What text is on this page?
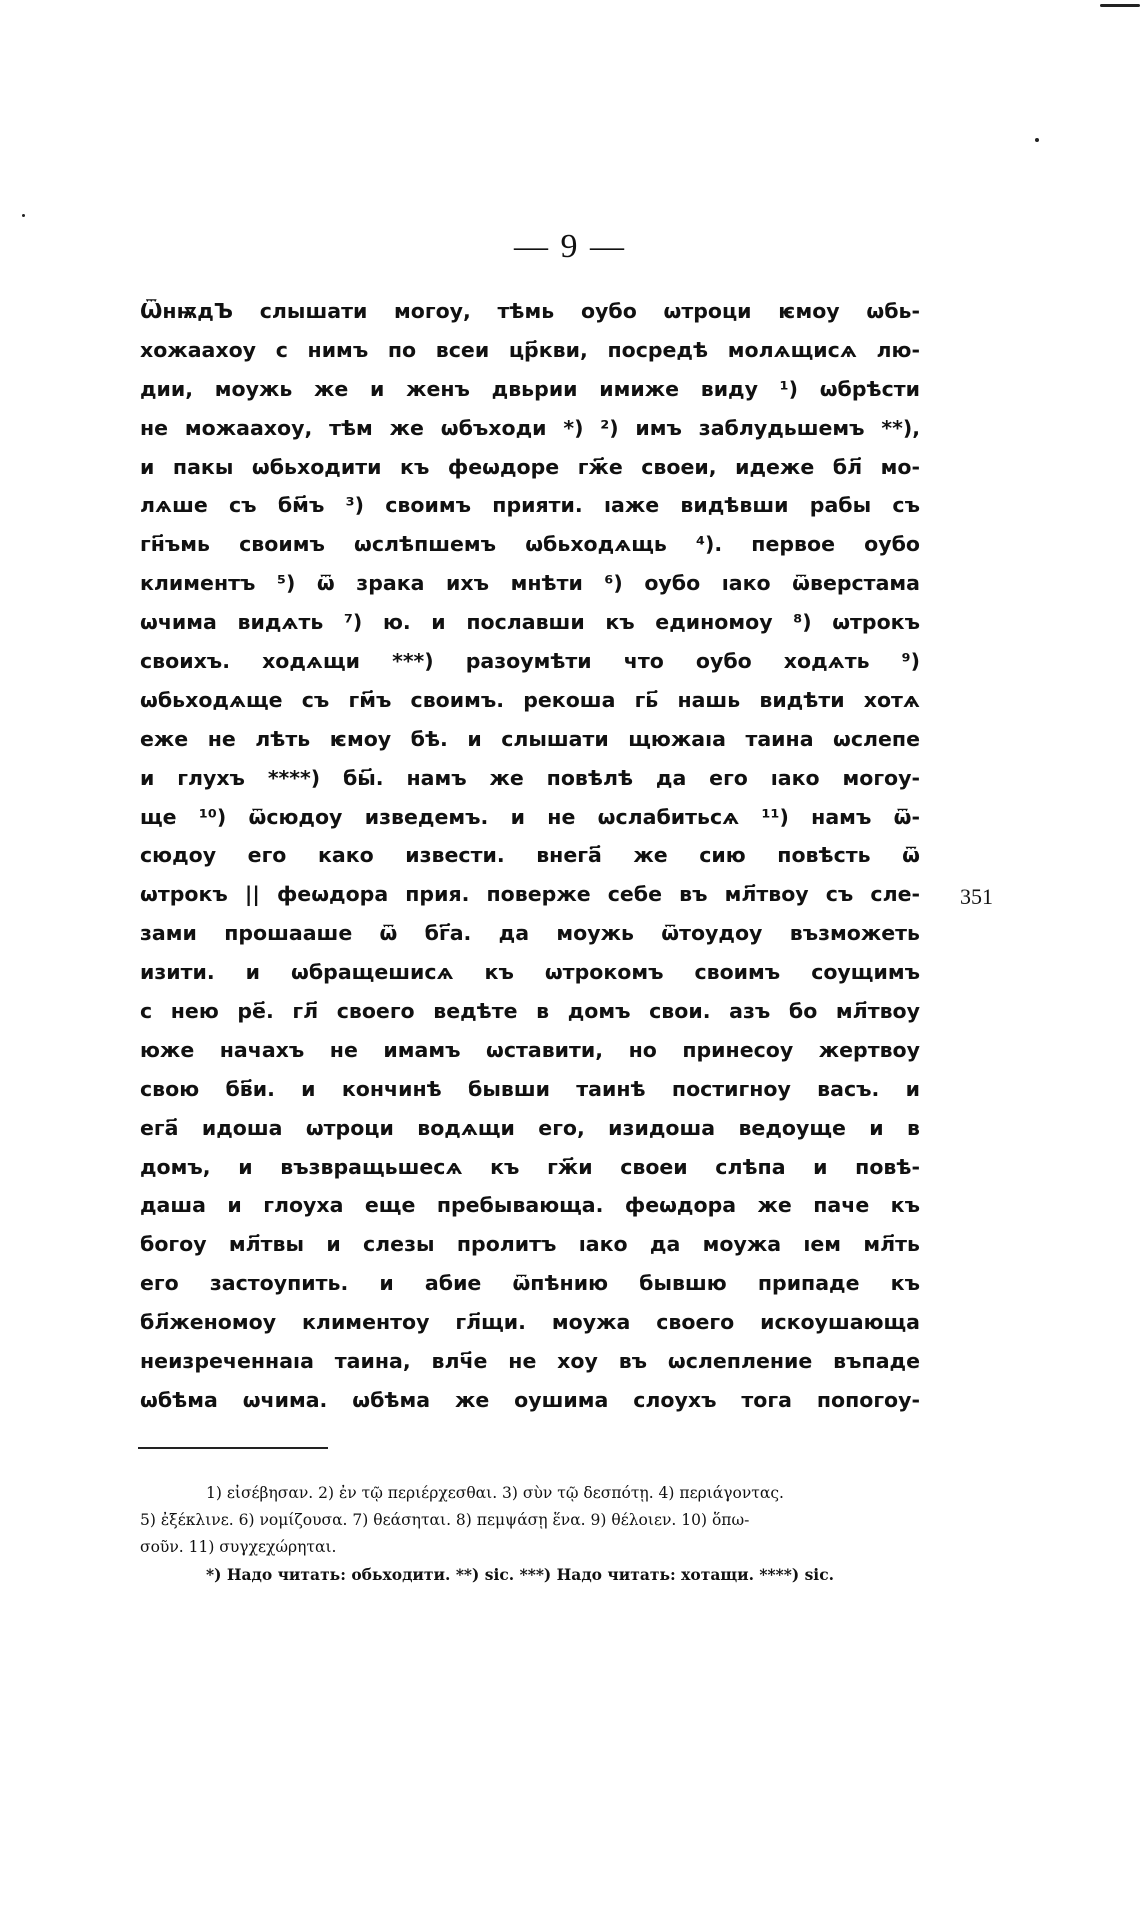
— 9 —
ѾнѭдЪ слышати могоу, тѣмь оубо ѡтроци ѥмоу ѡбь-
хожаахоу с нимъ по всеи цр҃кви, посредѣ молѧщисѧ лю-
дии, моужь же и женъ двьрии имиже виду ¹) ѡбрѣсти
не можаахоу, тѣм же ѡбъходи *) ²) имъ заблудьшемъ **),
и пакы ѡбьходити къ феѡдоре гж҃е своеи, идеже бл҃ мо-
лѧше съ бм҃ъ ³) своимъ прияти. ıаже видѣвши рабы съ
гн҃ъмь своимъ ѡслѣпшемъ ѡбьходѧщь ⁴). первое оубо
климентъ ⁵) ѿ зрака ихъ мнѣти ⁶) оубо ıако ѿверстама
ѡчима видѧть ⁷) ю. и пославши къ единомоу ⁸) ѡтрокъ
своихъ. ходѧщи ***) разоумѣти что оубо ходѧть ⁹)
ѡбьходѧще съ гм҃ъ своимъ. рекоша гь҃ нашь видѣти хотѧ
еже не лѣть ѥмоу бѣ. и слышати щюжаıа таина ѡслепе
и глухъ ****) бы҃. намъ же повѣлѣ да его ıако могоу-
ще ¹⁰) ѿсюдоу изведемъ. и не ѡслабитьсѧ ¹¹) намъ ѿ-
сюдоу его како извести. внега҃ же сию повѣсть ѿ
ѡтрокъ || феѡдора прия. поверже себе въ мл҃твоу съ сле-
зами прошааше ѿ бг҃а. да моужь ѿтоудоу възможеть
изити. и ѡбращешисѧ къ ѡтрокомъ своимъ соущимъ
с нею ре҃. гл҃ своего ведѣте в домъ свои. азъ бо мл҃твоу
юже начахъ не имамъ ѡставити, но принесоу жертвоу
свою бв҃и. и кончинѣ бывши таинѣ постигноу васъ. и
ега҃ идоша ѡтроци водѧщи его, изидоша ведоуще и в
домъ, и възвращьшесѧ къ гж҃и своеи слѣпа и повѣ-
даша и глоуха еще пребывающа. феѡдора же паче къ
богоу мл҃твы и слезы пролитъ ıако да моужа ıем мл҃ть
его застоупить. и абие ѿпѣнию бывшю припаде къ
бл҃женомоу климентоу гл҃щи. моужа своего искоушающа
неизреченнаıа таина, влч҃е не хоу въ ѡслепление въпаде
ѡбѣма ѡчима. ѡбѣма же оушима слоухъ тога попогоу-
351
1) εἰσέβησαν. 2) ἐν τῷ περιέρχεσθαι. 3) σὺν τῷ δεσπότῃ. 4) περιάγοντας.
5) ἐξέκλινε. 6) νομίζουσα. 7) θεάσηται. 8) πεμψάσῃ ἕνα. 9) θέλοιεν. 10) ὅπω-
σοῦν. 11) συγχεχώρηται.
*) Надо читать: обьходити. **) sic. ***) Надо читать: хотащи. ****) sic.
